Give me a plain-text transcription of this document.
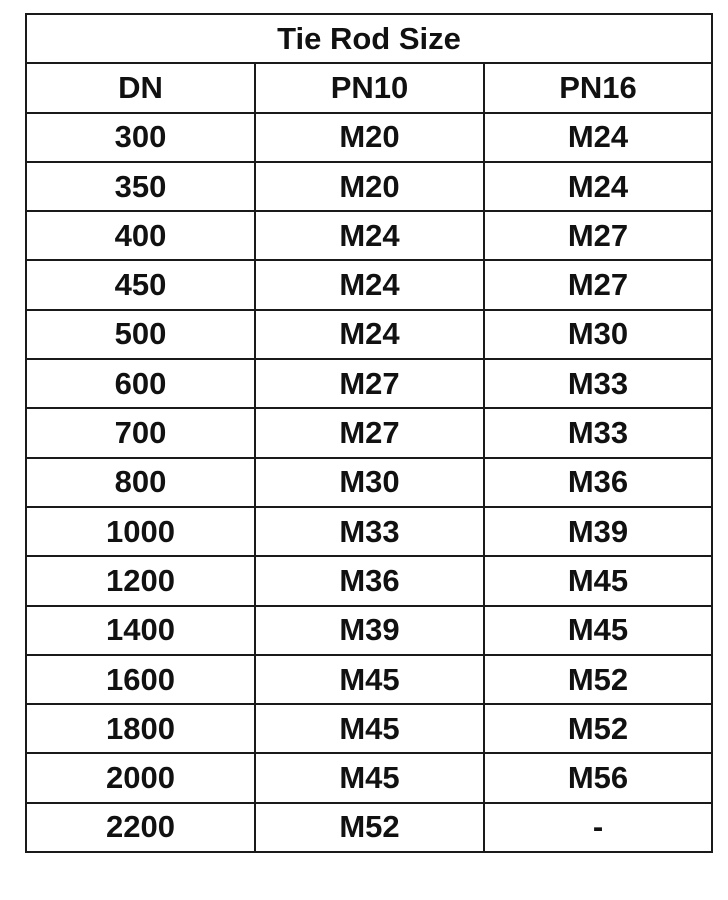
Tie Rod Size		
DN	PN10	PN16
300	M20	M24
350	M20	M24
400	M24	M27
450	M24	M27
500	M24	M30
600	M27	M33
700	M27	M33
800	M30	M36
1000	M33	M39
1200	M36	M45
1400	M39	M45
1600	M45	M52
1800	M45	M52
2000	M45	M56
2200	M52	-
